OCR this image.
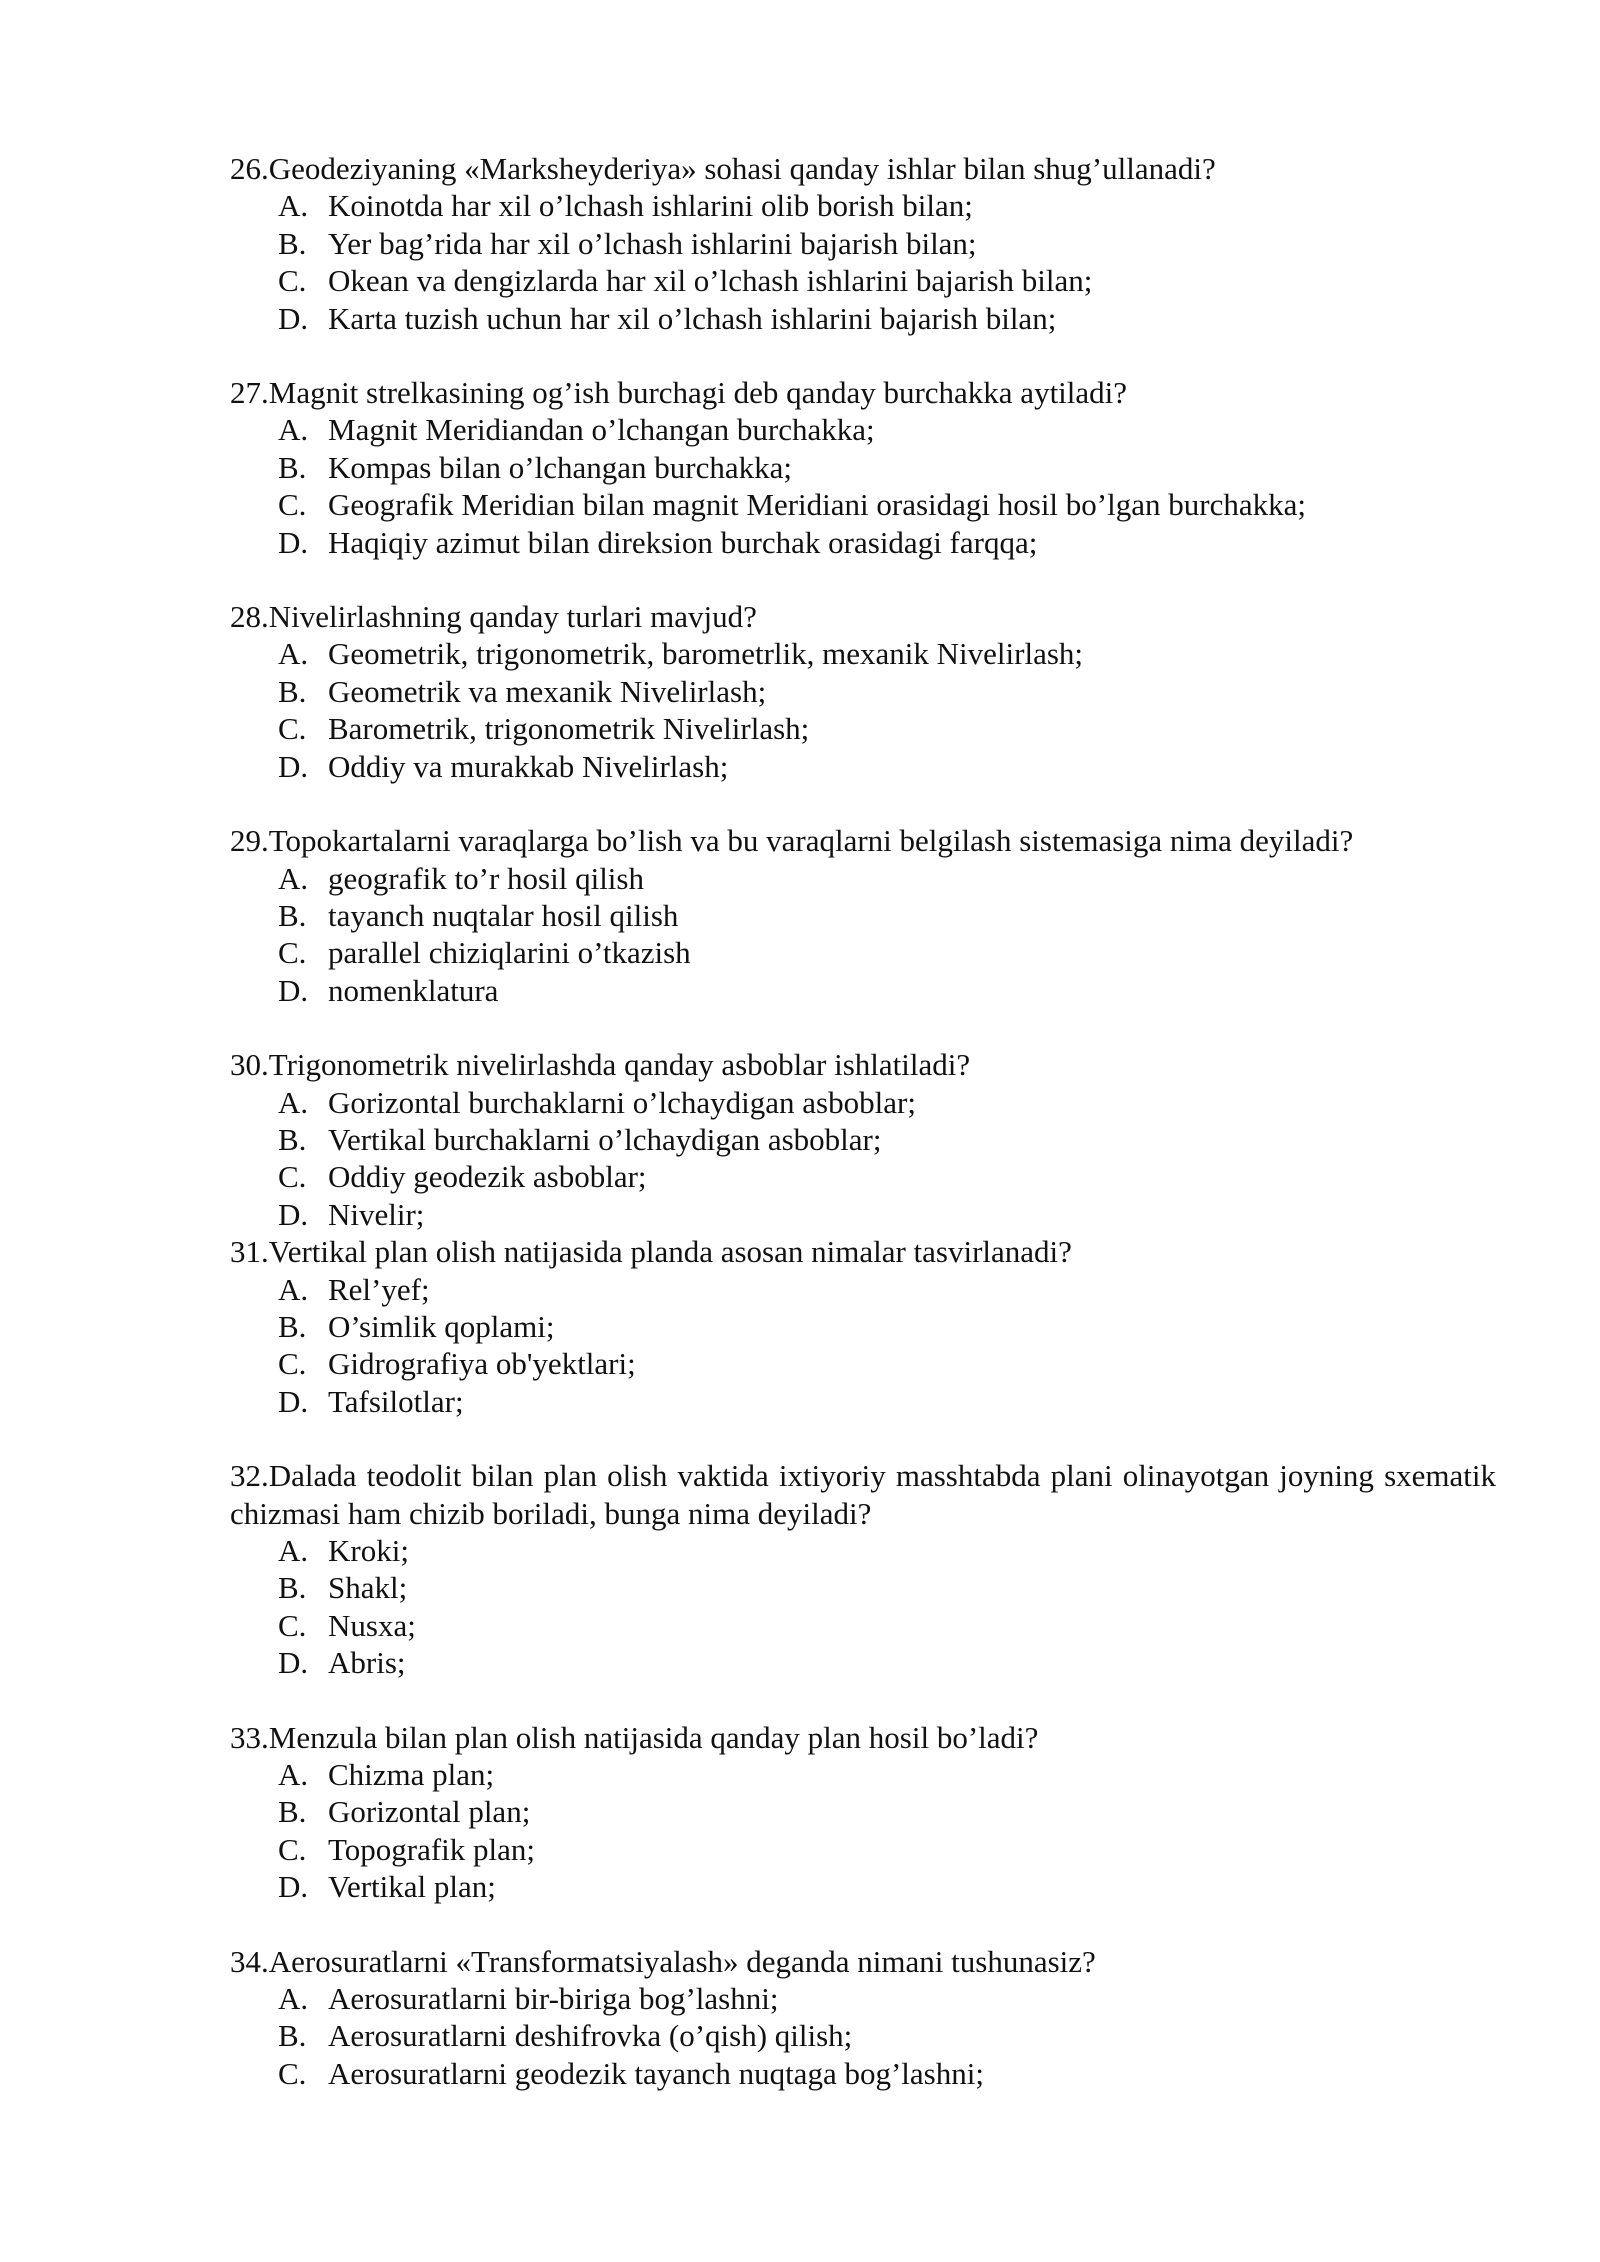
26.Geodeziyaning «Marksheyderiya» sohasi qanday ishlar bilan shug’ullanadi?

A. Koinotda har xil o’lchash ishlarini olib borish bilan;
B. Yer bag’rida har xil o’lchash ishlarini bajarish bilan;
C. Okean va dengizlarda har xil o’lchash ishlarini bajarish bilan;
D. Karta tuzish uchun har xil o’lchash ishlarini bajarish bilan;

27.Magnit strelkasining og’ish burchagi deb qanday burchakka aytiladi?

A. Magnit Meridiandan o’lchangan burchakka;
B. Kompas bilan o’lchangan burchakka;
C. Geografik Meridian bilan magnit Meridiani orasidagi hosil bo’lgan burchakka;
D. Haqiqiy azimut bilan direksion burchak orasidagi farqqa;

28.Nivelirlashning qanday turlari mavjud?

A. Geometrik, trigonometrik, barometrlik, mexanik Nivelirlash;
B. Geometrik va mexanik Nivelirlash;
C. Barometrik, trigonometrik Nivelirlash;
D. Oddiy va murakkab Nivelirlash;

29.Topokartalarni varaqlarga bo’lish va bu varaqlarni belgilash sistemasiga nima deyiladi?

A. geografik to’r hosil qilish
B. tayanch nuqtalar hosil qilish
C. parallel chiziqlarini o’tkazish
D. nomenklatura

30.Trigonometrik nivelirlashda qanday asboblar ishlatiladi?

A. Gorizontal burchaklarni o’lchaydigan asboblar;
B. Vertikal burchaklarni o’lchaydigan asboblar;
C. Oddiy geodezik asboblar;
D. Nivelir;

31.Vertikal plan olish natijasida planda asosan nimalar tasvirlanadi?

A. Rel’yef;
B. O’simlik qoplami;
C. Gidrografiya ob'yektlari;
D. Tafsilotlar;

32.Dalada teodolit bilan plan olish vaktida ixtiyoriy masshtabda plani olinayotgan joyning sxematik chizmasi ham chizib boriladi, bunga nima deyiladi?

A. Kroki;
B. Shakl;
C. Nusxa;
D. Abris;

33.Menzula bilan plan olish natijasida qanday plan hosil bo’ladi?

A. Chizma plan;
B. Gorizontal plan;
C. Topografik plan;
D. Vertikal plan;

34.Aerosuratlarni «Transformatsiyalash» deganda nimani tushunasiz?

A. Aerosuratlarni bir-biriga bog’lashni;
B. Aerosuratlarni deshifrovka (o’qish) qilish;
C. Aerosuratlarni geodezik tayanch nuqtaga bog’lashni;
